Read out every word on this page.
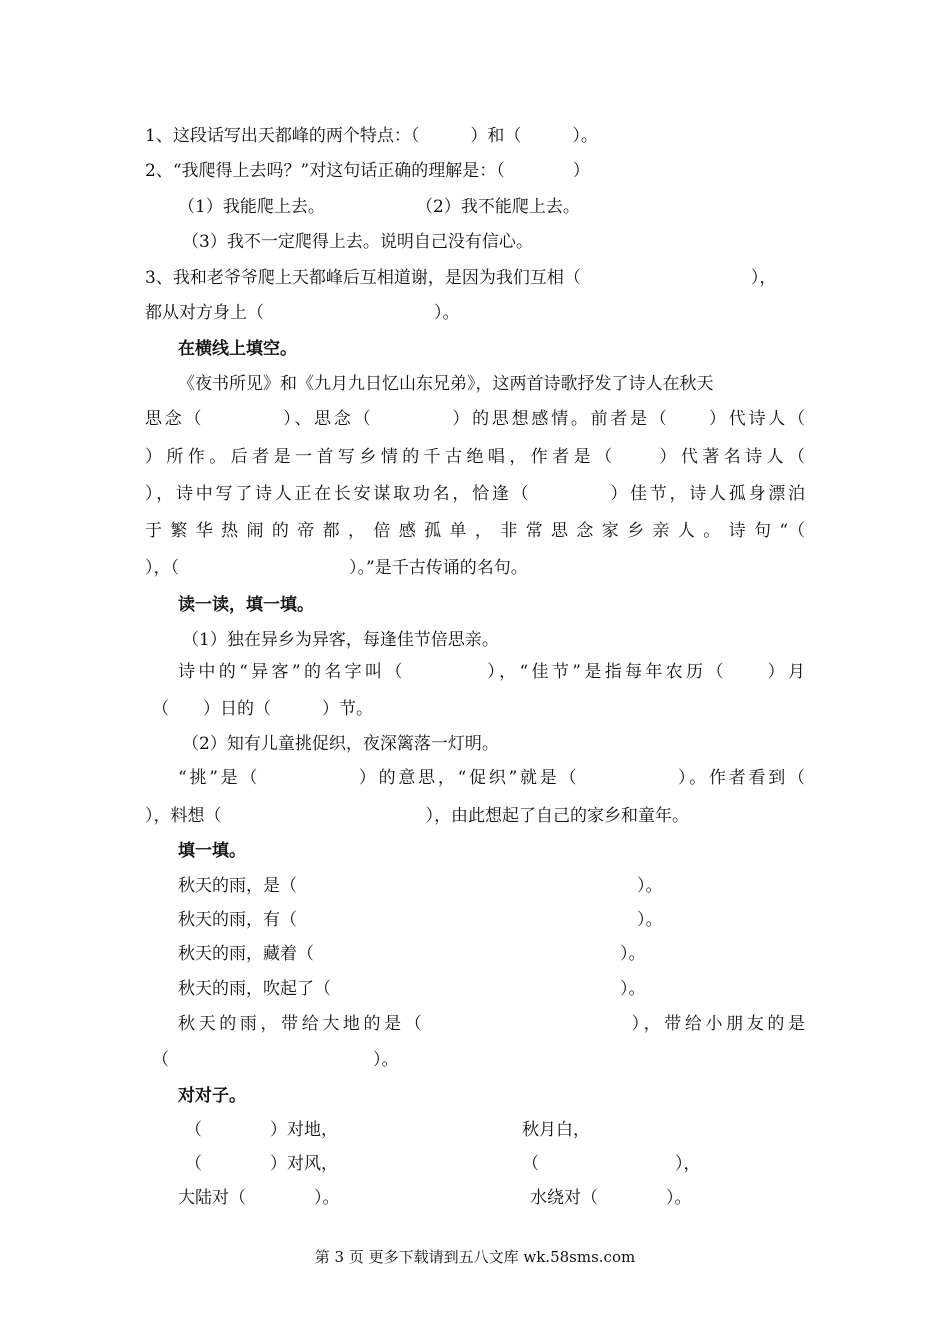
1、这段话写出天都峰的两个特点：（　　　）和（　　　）。
2、“我爬得上去吗？”对这句话正确的理解是：（　　　　）
（1）我能爬上去。	（2）我不能爬上去。
（3）我不一定爬得上去。说明自己没有信心。
3、我和老爷爷爬上天都峰后互相道谢，是因为我们互相（　　　　　　　　　　），
都从对方身上（　　　　　　　　　　）。
在横线上填空。
《夜书所见》和《九月九日忆山东兄弟》，这两首诗歌抒发了诗人在秋天
思念（　　　　）、思念（　　　　）的思想感情。前者是（　　）代诗人（
）所作。后者是一首写乡情的千古绝唱，作者是（　　）代著名诗人（
），诗中写了诗人正在长安谋取功名，恰逢（　　　　）佳节，诗人孤身漂泊
于繁华热闹的帝都，倍感孤单，非常思念家乡亲人。诗句“（
），（　　　　　　　　　　）。”是千古传诵的名句。
读一读，填一填。
（1）独在异乡为异客，每逢佳节倍思亲。
诗中的“异客”的名字叫（　　　　），“佳节”是指每年农历（　　）月
（　　）日的（　　　）节。
（2）知有儿童挑促织，夜深篱落一灯明。
“挑”是（　　　　　）的意思，“促织”就是（　　　　　）。作者看到（
），料想（　　　　　　　　　　　　），由此想起了自己的家乡和童年。
填一填。
秋天的雨，是（　　　　　　　　　　　　　　　　　　　　）。
秋天的雨，有（　　　　　　　　　　　　　　　　　　　　）。
秋天的雨，藏着（　　　　　　　　　　　　　　　　　　）。
秋天的雨，吹起了（　　　　　　　　　　　　　　　　　）。
秋天的雨，带给大地的是（　　　　　　　　　　），带给小朋友的是
（　　　　　　　　　　　　）。
对对子。
（　　　　）对地，	秋月白，
（　　　　）对风，	（　　　　　　　　），
大陆对（　　　　）。	水绕对（　　　　）。
第 3 页 更多下载请到五八文库 wk.58sms.com
